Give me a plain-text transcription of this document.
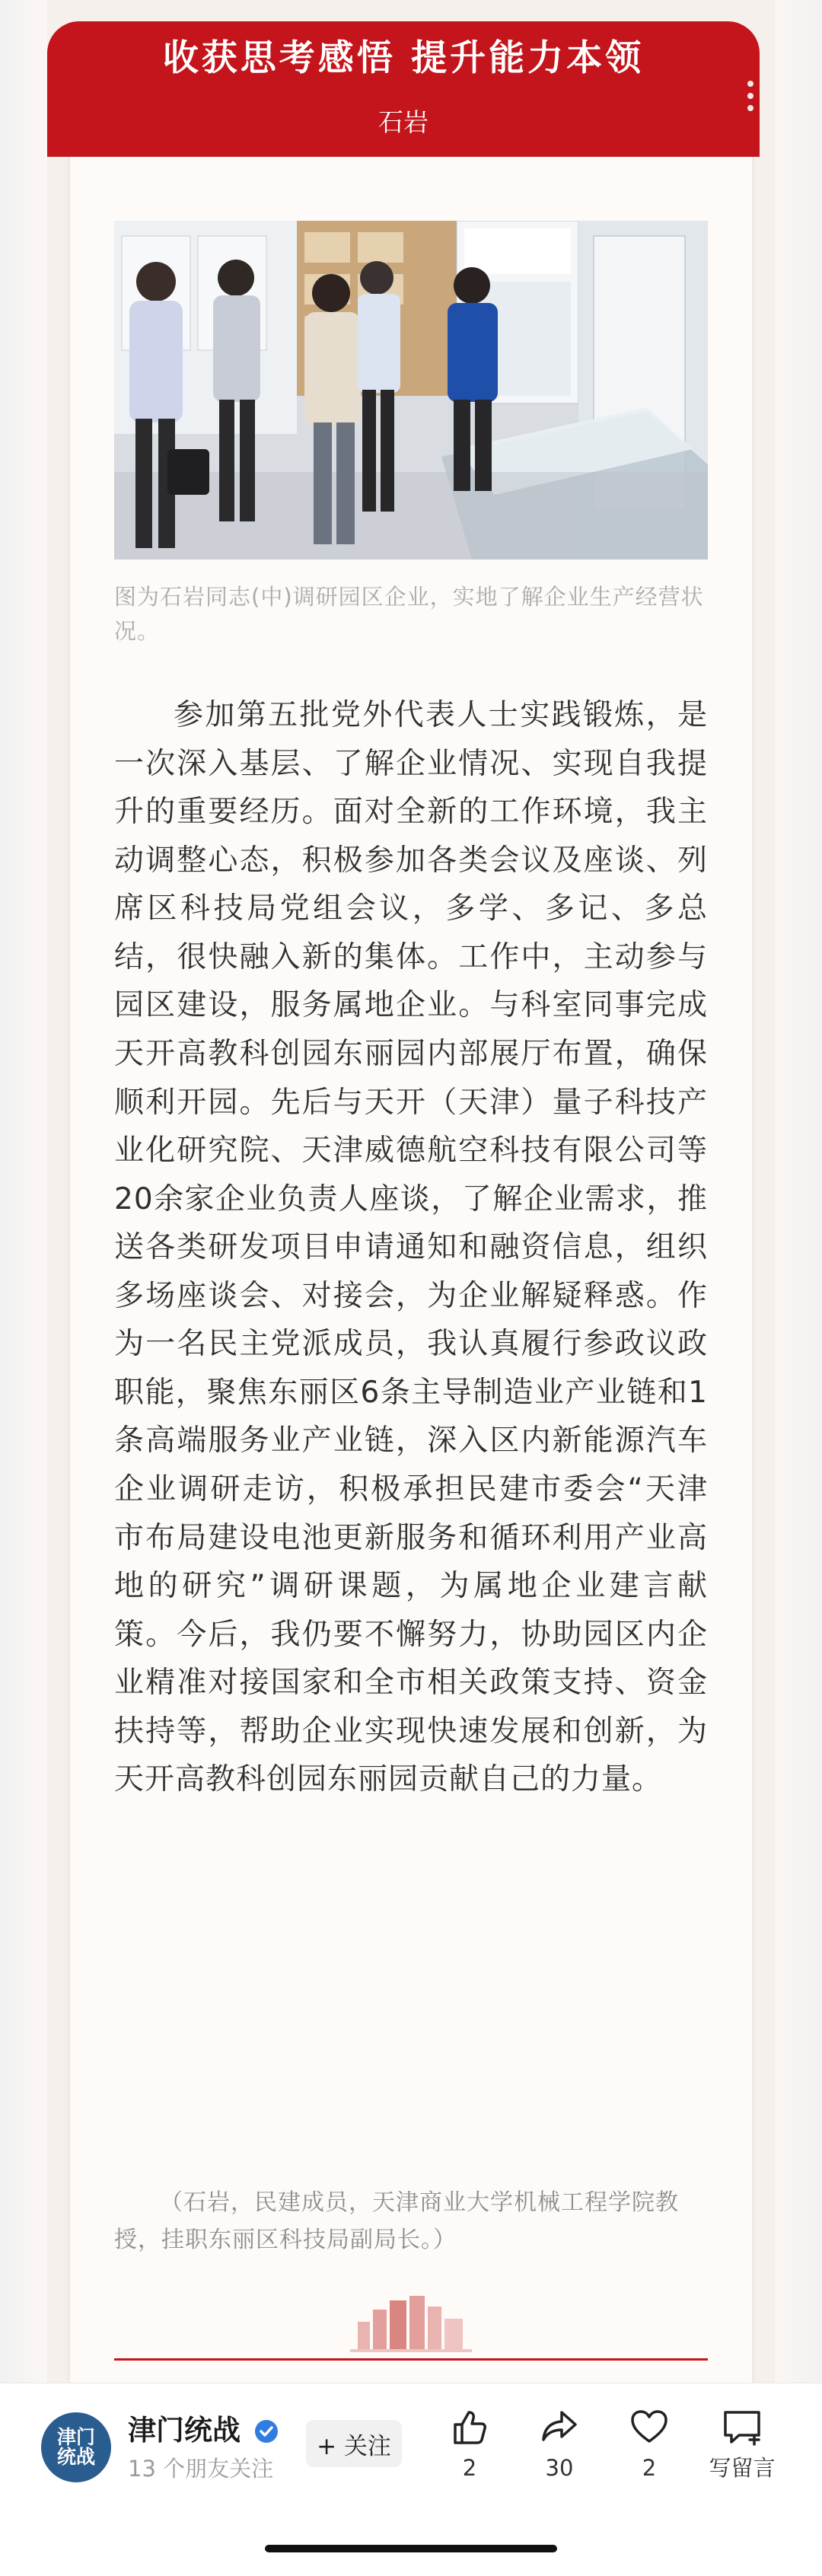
收获思考感悟 提升能力本领
石岩

图为石岩同志(中)调研园区企业，实地了解企业生产经营状况。

参加第五批党外代表人士实践锻炼，是一次深入基层、了解企业情况、实现自我提升的重要经历。面对全新的工作环境，我主动调整心态，积极参加各类会议及座谈、列席区科技局党组会议，多学、多记、多总结，很快融入新的集体。工作中，主动参与园区建设，服务属地企业。与科室同事完成天开高教科创园东丽园内部展厅布置，确保顺利开园。先后与天开（天津）量子科技产业化研究院、天津威德航空科技有限公司等20余家企业负责人座谈，了解企业需求，推送各类研发项目申请通知和融资信息，组织多场座谈会、对接会，为企业解疑释惑。作为一名民主党派成员，我认真履行参政议政职能，聚焦东丽区6条主导制造业产业链和1条高端服务业产业链，深入区内新能源汽车企业调研走访，积极承担民建市委会“天津市布局建设电池更新服务和循环利用产业高地的研究”调研课题，为属地企业建言献策。今后，我仍要不懈努力，协助园区内企业精准对接国家和全市相关政策支持、资金扶持等，帮助企业实现快速发展和创新，为天开高教科创园东丽园贡献自己的力量。

（石岩，民建成员，天津商业大学机械工程学院教授，挂职东丽区科技局副局长。）

津门统战
津门统战
13 个朋友关注
+ 关注
2	30	2	写留言
